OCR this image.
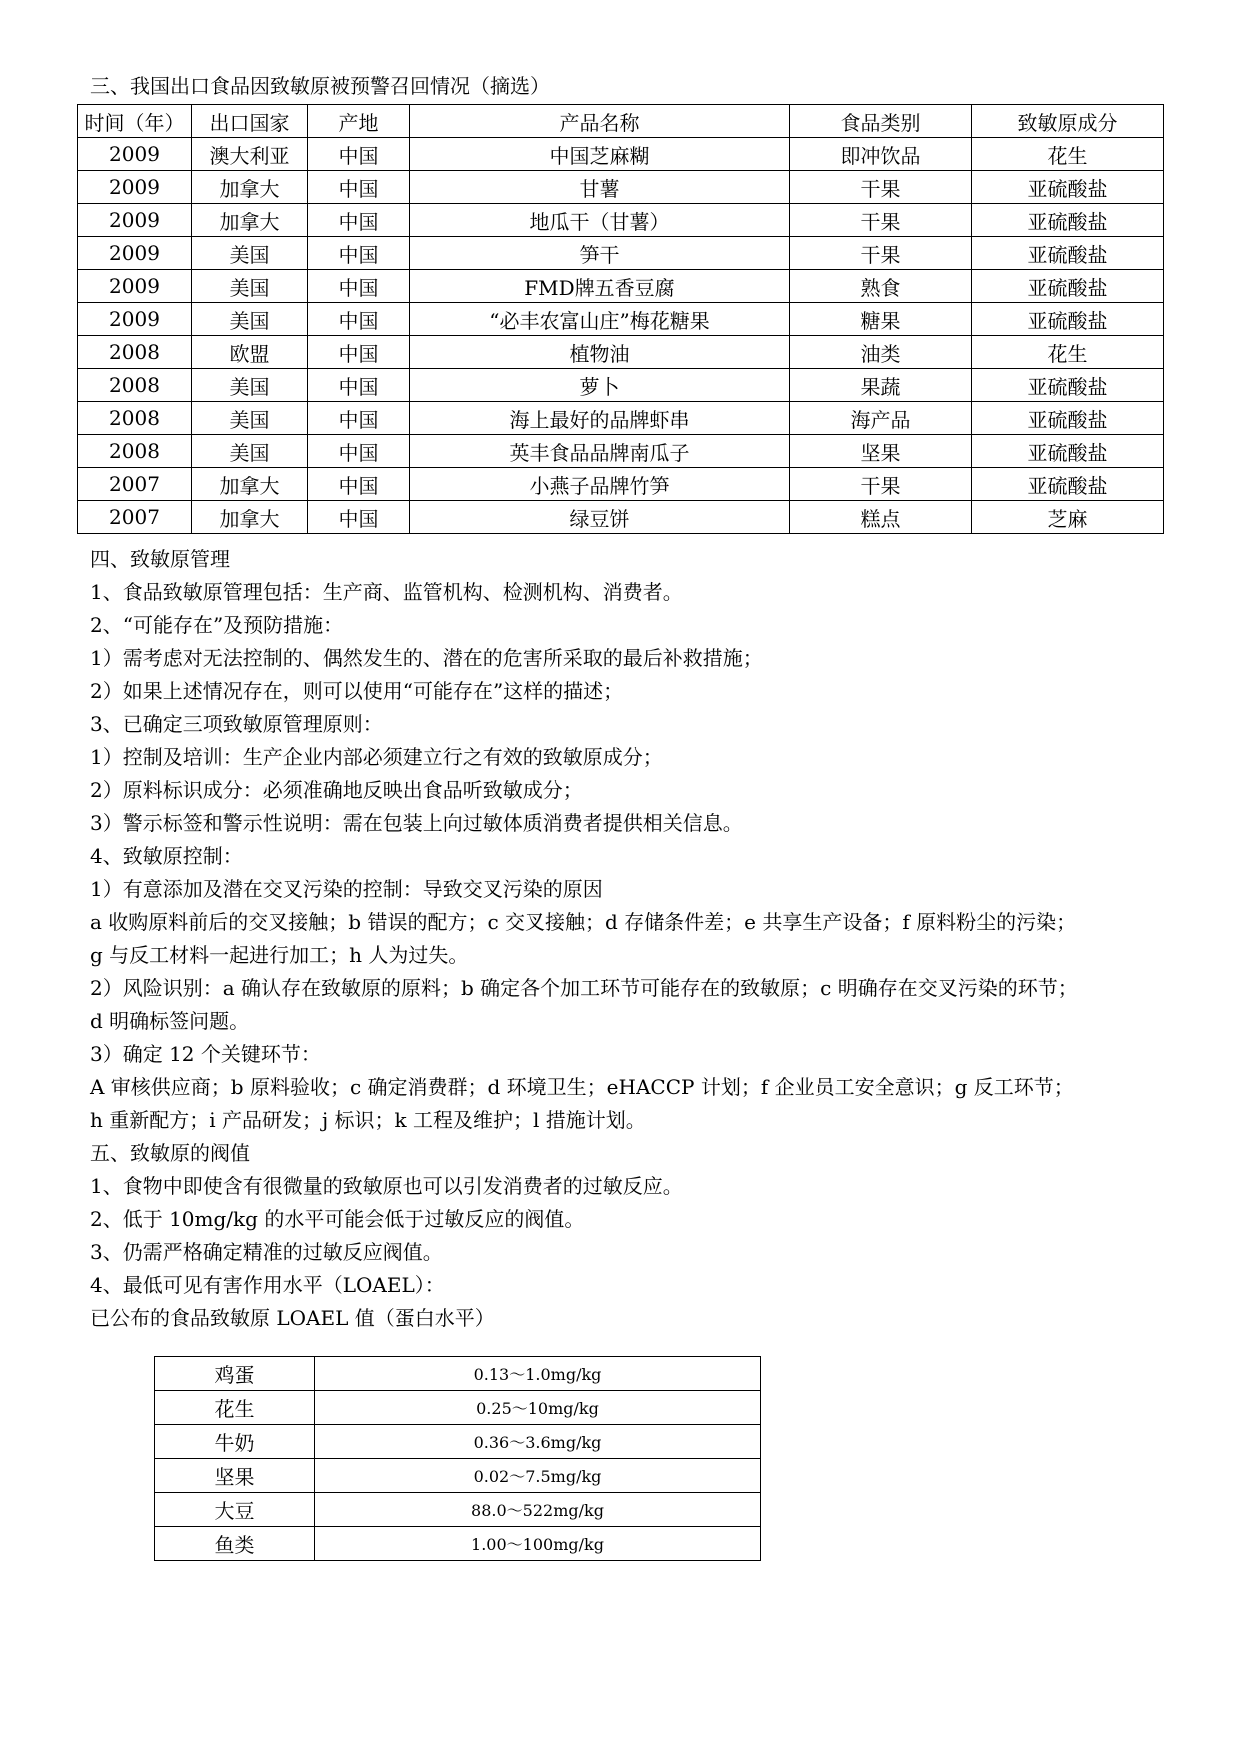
三、我国出口食品因致敏原被预警召回情况（摘选）

时间（年）	出口国家	产地	产品名称	食品类别	致敏原成分
2009	澳大利亚	中国	中国芝麻糊	即冲饮品	花生
2009	加拿大	中国	甘薯	干果	亚硫酸盐
2009	加拿大	中国	地瓜干（甘薯）	干果	亚硫酸盐
2009	美国	中国	笋干	干果	亚硫酸盐
2009	美国	中国	FMD牌五香豆腐	熟食	亚硫酸盐
2009	美国	中国	“必丰农富山庄”梅花糖果	糖果	亚硫酸盐
2008	欧盟	中国	植物油	油类	花生
2008	美国	中国	萝卜	果蔬	亚硫酸盐
2008	美国	中国	海上最好的品牌虾串	海产品	亚硫酸盐
2008	美国	中国	英丰食品品牌南瓜子	坚果	亚硫酸盐
2007	加拿大	中国	小燕子品牌竹笋	干果	亚硫酸盐
2007	加拿大	中国	绿豆饼	糕点	芝麻

四、致敏原管理

1、食品致敏原管理包括：生产商、监管机构、检测机构、消费者。

2、“可能存在”及预防措施：

1）需考虑对无法控制的、偶然发生的、潜在的危害所采取的最后补救措施；

2）如果上述情况存在，则可以使用“可能存在”这样的描述；

3、已确定三项致敏原管理原则：

1）控制及培训：生产企业内部必须建立行之有效的致敏原成分；

2）原料标识成分：必须准确地反映出食品听致敏成分；

3）警示标签和警示性说明：需在包装上向过敏体质消费者提供相关信息。

4、致敏原控制：

1）有意添加及潜在交叉污染的控制：导致交叉污染的原因

a 收购原料前后的交叉接触；b 错误的配方；c 交叉接触；d 存储条件差；e 共享生产设备；f 原料粉尘的污染；

g 与反工材料一起进行加工；h 人为过失。

2）风险识别：a 确认存在致敏原的原料；b 确定各个加工环节可能存在的致敏原；c 明确存在交叉污染的环节；

d 明确标签问题。

3）确定 12 个关键环节：

A 审核供应商；b 原料验收；c 确定消费群；d 环境卫生；eHACCP 计划；f 企业员工安全意识；g 反工环节；

h 重新配方；i 产品研发；j 标识；k 工程及维护；l 措施计划。

五、致敏原的阀值

1、食物中即使含有很微量的致敏原也可以引发消费者的过敏反应。

2、低于 10mg/kg 的水平可能会低于过敏反应的阀值。

3、仍需严格确定精准的过敏反应阀值。

4、最低可见有害作用水平（LOAEL）：

已公布的食品致敏原 LOAEL 值（蛋白水平）

鸡蛋	0.13～1.0mg/kg
花生	0.25～10mg/kg
牛奶	0.36～3.6mg/kg
坚果	0.02～7.5mg/kg
大豆	88.0～522mg/kg
鱼类	1.00～100mg/kg
